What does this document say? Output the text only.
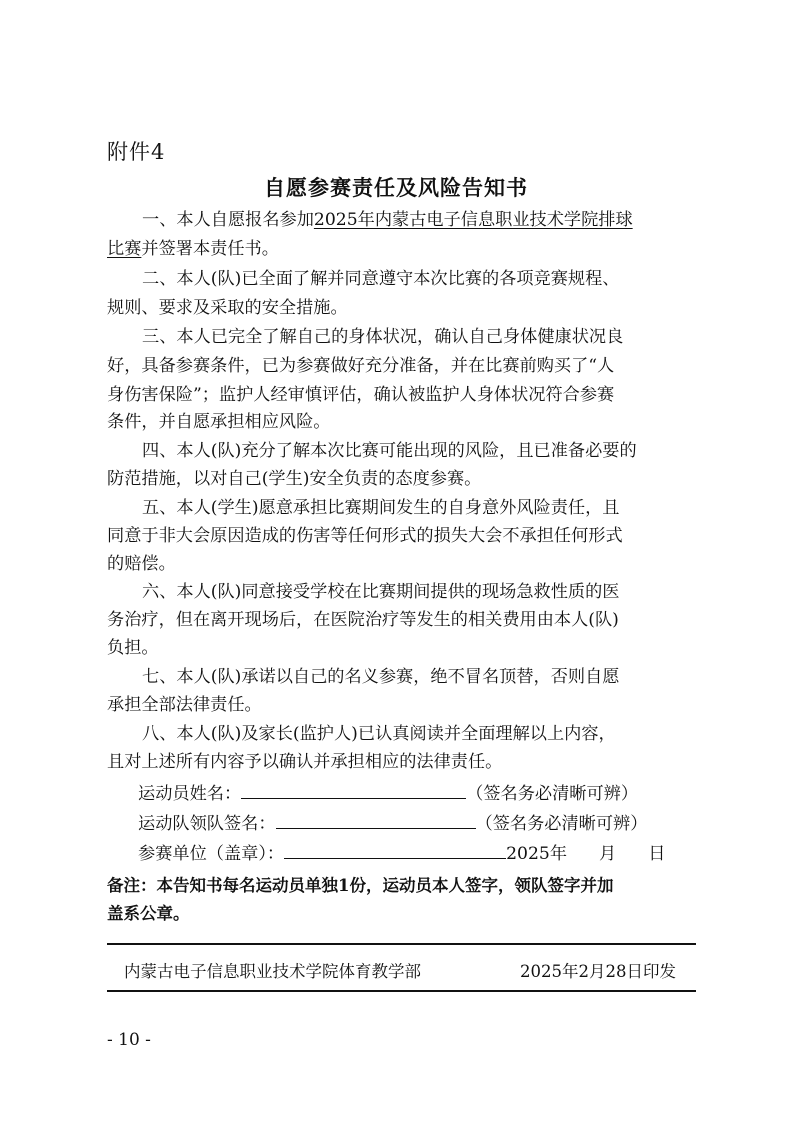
附件4
自愿参赛责任及风险告知书
一、本人自愿报名参加2025年内蒙古电子信息职业技术学院排球
比赛并签署本责任书。
二、本人(队)已全面了解并同意遵守本次比赛的各项竞赛规程、
规则、要求及采取的安全措施。
三、本人已完全了解自己的身体状况，确认自己身体健康状况良
好，具备参赛条件，已为参赛做好充分准备，并在比赛前购买了“人
身伤害保险”；监护人经审慎评估，确认被监护人身体状况符合参赛
条件，并自愿承担相应风险。
四、本人(队)充分了解本次比赛可能出现的风险，且已准备必要的
防范措施，以对自己(学生)安全负责的态度参赛。
五、本人(学生)愿意承担比赛期间发生的自身意外风险责任，且
同意于非大会原因造成的伤害等任何形式的损失大会不承担任何形式
的赔偿。
六、本人(队)同意接受学校在比赛期间提供的现场急救性质的医
务治疗，但在离开现场后，在医院治疗等发生的相关费用由本人(队)
负担。
七、本人(队)承诺以自己的名义参赛，绝不冒名顶替，否则自愿
承担全部法律责任。
八、本人(队)及家长(监护人)已认真阅读并全面理解以上内容，
且对上述所有内容予以确认并承担相应的法律责任。
运动员姓名：	（签名务必清晰可辨）
运动队领队签名：	（签名务必清晰可辨）
参赛单位（盖章）：	2025年 月 日
备注：本告知书每名运动员单独1份，运动员本人签字，领队签字并加
盖系公章。
内蒙古电子信息职业技术学院体育教学部	2025年2月28日印发
- 10 -
